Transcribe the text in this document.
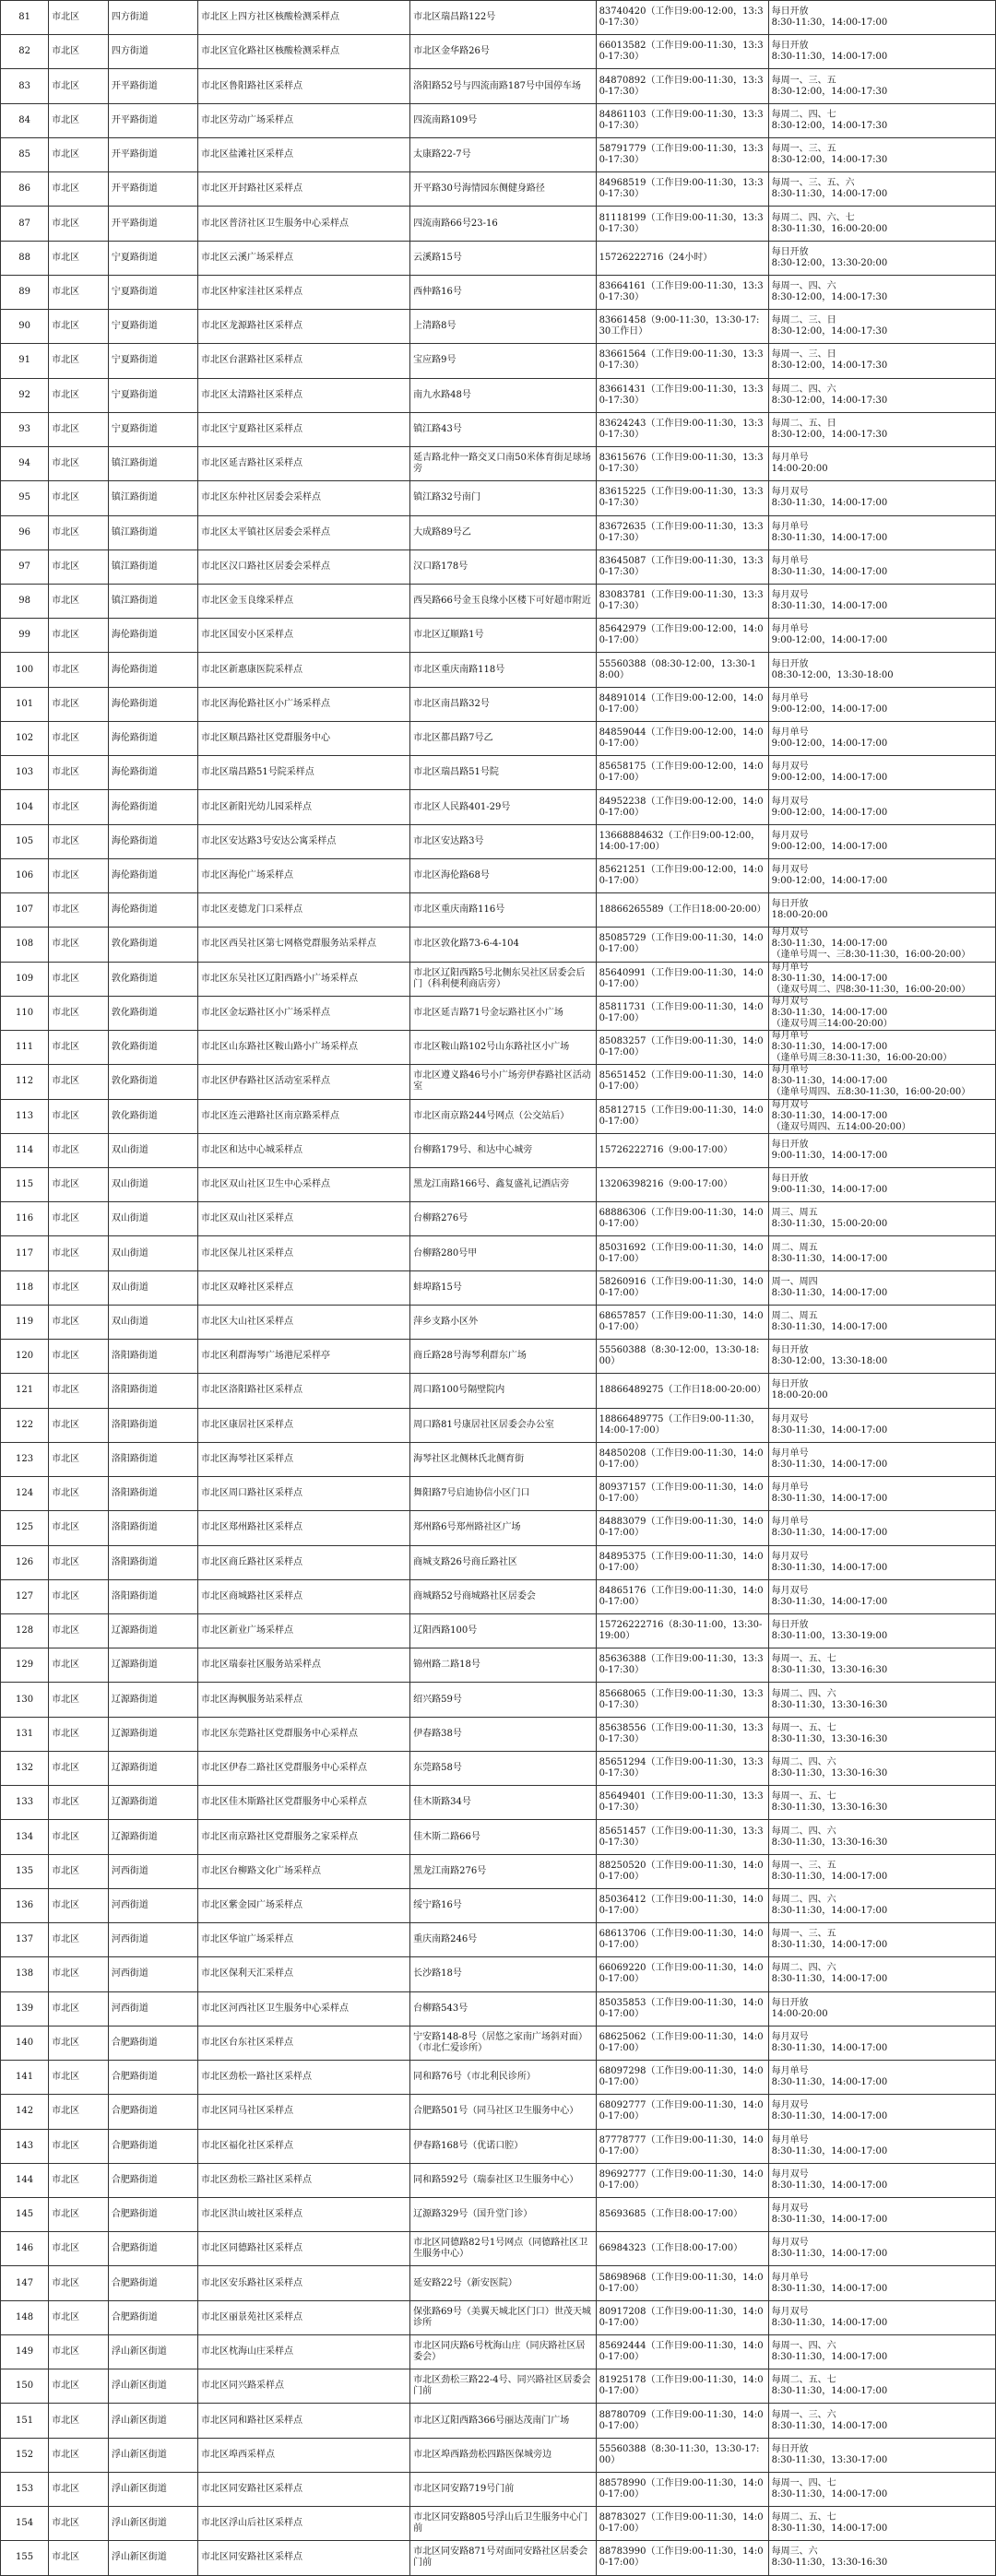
81	市北区	四方街道	市北区上四方社区核酸检测采样点	市北区瑞昌路122号	83740420（工作日9:00-12:00，13:30-17:30）	每日开放
8:30-11:30，14:00-17:00
82	市北区	四方街道	市北区宜化路社区核酸检测采样点	市北区金华路26号	66013582（工作日9:00-11:30，13:30-17:30）	每日开放
8:30-11:30，14:00-17:00
83	市北区	开平路街道	市北区鲁阳路社区采样点	洛阳路52号与四流南路187号中国停车场	84870892（工作日9:00-11:30，13:30-17:30）	每周一、三、五
8:30-12:00，14:00-17:30
84	市北区	开平路街道	市北区劳动广场采样点	四流南路109号	84861103（工作日9:00-11:30，13:30-17:30）	每周二、四、七
8:30-12:00，14:00-17:30
85	市北区	开平路街道	市北区盐滩社区采样点	太康路22-7号	58791779（工作日9:00-11:30，13:30-17:30）	每周一、三、五
8:30-12:00，14:00-17:30
86	市北区	开平路街道	市北区开封路社区采样点	开平路30号海情园东侧健身路径	84968519（工作日9:00-11:30，13:30-17:30）	每周一、三、五、六
8:30-11:30，14:00-17:00
87	市北区	开平路街道	市北区普济社区卫生服务中心采样点	四流南路66号23-16	81118199（工作日9:00-11:30，13:30-17:30）	每周二、四、六、七
8:30-11:30，16:00-20:00
88	市北区	宁夏路街道	市北区云溪广场采样点	云溪路15号	15726222716（24小时）	每日开放
8:30-12:00，13:30-20:00
89	市北区	宁夏路街道	市北区仲家洼社区采样点	西仲路16号	83664161（工作日9:00-11:30，13:30-17:30）	每周一、四、六
8:30-12:00，14:00-17:30
90	市北区	宁夏路街道	市北区龙源路社区采样点	上清路8号	83661458（9:00-11:30，13:30-17:30工作日）	每周二、三、日
8:30-12:00，14:00-17:30
91	市北区	宁夏路街道	市北区台湛路社区采样点	宝应路9号	83661564（工作日9:00-11:30，13:30-17:30）	每周一、三、日
8:30-12:00，14:00-17:30
92	市北区	宁夏路街道	市北区太清路社区采样点	南九水路48号	83661431（工作日9:00-11:30，13:30-17:30）	每周二、四、六
8:30-12:00，14:00-17:30
93	市北区	宁夏路街道	市北区宁夏路社区采样点	镇江路43号	83624243（工作日9:00-11:30，13:30-17:30）	每周二、五、日
8:30-12:00，14:00-17:30
94	市北区	镇江路街道	市北区延吉路社区采样点	延吉路北仲一路交叉口南50米体育街足球场旁	83615676（工作日9:00-11:30，13:30-17:30）	每月单号
14:00-20:00
95	市北区	镇江路街道	市北区东仲社区居委会采样点	镇江路32号南门	83615225（工作日9:00-11:30，13:30-17:30）	每月双号
8:30-11:30，14:00-17:00
96	市北区	镇江路街道	市北区太平镇社区居委会采样点	大成路89号乙	83672635（工作日9:00-11:30，13:30-17:30）	每月单号
8:30-11:30，14:00-17:00
97	市北区	镇江路街道	市北区汉口路社区居委会采样点	汉口路178号	83645087（工作日9:00-11:30，13:30-17:30）	每月单号
8:30-11:30，14:00-17:00
98	市北区	镇江路街道	市北区金玉良缘采样点	西吴路66号金玉良缘小区楼下可好超市附近	83083781（工作日9:00-11:30，13:30-17:30）	每月双号
8:30-11:30，14:00-17:00
99	市北区	海伦路街道	市北区国安小区采样点	市北区辽顺路1号	85642979（工作日9:00-12:00，14:00-17:00）	每月单号
9:00-12:00，14:00-17:00
100	市北区	海伦路街道	市北区新惠康医院采样点	市北区重庆南路118号	55560388（08:30-12:00，13:30-18:00）	每日开放
08:30-12:00，13:30-18:00
101	市北区	海伦路街道	市北区海伦路社区小广场采样点	市北区南昌路32号	84891014（工作日9:00-12:00，14:00-17:00）	每月单号
9:00-12:00，14:00-17:00
102	市北区	海伦路街道	市北区顺昌路社区党群服务中心	市北区都昌路7号乙	84859044（工作日9:00-12:00，14:00-17:00）	每月单号
9:00-12:00，14:00-17:00
103	市北区	海伦路街道	市北区瑞昌路51号院采样点	市北区瑞昌路51号院	85658175（工作日9:00-12:00，14:00-17:00）	每月双号
9:00-12:00，14:00-17:00
104	市北区	海伦路街道	市北区新阳光幼儿园采样点	市北区人民路401-29号	84952238（工作日9:00-12:00，14:00-17:00）	每月双号
9:00-12:00，14:00-17:00
105	市北区	海伦路街道	市北区安达路3号安达公寓采样点	市北区安达路3号	13668884632（工作日9:00-12:00，14:00-17:00）	每月双号
9:00-12:00，14:00-17:00
106	市北区	海伦路街道	市北区海伦广场采样点	市北区海伦路68号	85621251（工作日9:00-12:00，14:00-17:00）	每月双号
9:00-12:00，14:00-17:00
107	市北区	海伦路街道	市北区麦德龙门口采样点	市北区重庆南路116号	18866265589（工作日18:00-20:00）	每日开放
18:00-20:00
108	市北区	敦化路街道	市北区西吴社区第七网格党群服务站采样点	市北区敦化路73-6-4-104	85085729（工作日9:00-11:30，14:00-17:00）	每月双号
8:30-11:30，14:00-17:00
（逢单号周一、三8:30-11:30，16:00-20:00）
109	市北区	敦化路街道	市北区东吴社区辽阳西路小广场采样点	市北区辽阳西路5号北侧东吴社区居委会后门（科利便利商店旁）	85640991（工作日9:00-11:30，14:00-17:00）	每月单号
8:30-11:30，14:00-17:00
（逢双号周二、四8:30-11:30，16:00-20:00）
110	市北区	敦化路街道	市北区金坛路社区小广场采样点	市北区延吉路71号金坛路社区小广场	85811731（工作日9:00-11:30，14:00-17:00）	每月双号
8:30-11:30，14:00-17:00
（逢双号周三14:00-20:00）
111	市北区	敦化路街道	市北区山东路社区鞍山路小广场采样点	市北区鞍山路102号山东路社区小广场	85083257（工作日9:00-11:30，14:00-17:00）	每月单号
8:30-11:30，14:00-17:00
（逢单号周三8:30-11:30，16:00-20:00）
112	市北区	敦化路街道	市北区伊春路社区活动室采样点	市北区遵义路46号小广场旁伊春路社区活动室	85651452（工作日9:00-11:30，14:00-17:00）	每月单号
8:30-11:30，14:00-17:00
（逢单号周四、五8:30-11:30，16:00-20:00）
113	市北区	敦化路街道	市北区连云港路社区南京路采样点	市北区南京路244号网点（公交站后）	85812715（工作日9:00-11:30，14:00-17:00）	每月双号
8:30-11:30，14:00-17:00
（逢双号周四、五14:00-20:00）
114	市北区	双山街道	市北区和达中心城采样点	台柳路179号、和达中心城旁	15726222716（9:00-17:00）	每日开放
9:00-11:30，14:00-17:00
115	市北区	双山街道	市北区双山社区卫生中心采样点	黑龙江南路166号、鑫复盛礼记酒店旁	13206398216（9:00-17:00）	每日开放
9:00-11:30，14:00-17:00
116	市北区	双山街道	市北区双山社区采样点	台柳路276号	68886306（工作日9:00-11:30，14:00-17:00）	周三、周五
8:30-11:30，15:00-20:00
117	市北区	双山街道	市北区保儿社区采样点	台柳路280号甲	85031692（工作日9:00-11:30，14:00-17:00）	周二、周五
8:30-11:30，14:00-17:00
118	市北区	双山街道	市北区双峰社区采样点	蚌埠路15号	58260916（工作日9:00-11:30，14:00-17:00）	周一、周四
8:30-11:30，14:00-17:00
119	市北区	双山街道	市北区大山社区采样点	萍乡支路小区外	68657857（工作日9:00-11:30，14:00-17:00）	周二、周五
8:30-11:30，14:00-17:00
120	市北区	洛阳路街道	市北区利群海琴广场港尼采样亭	商丘路28号海琴利群东广场	55560388（8:30-12:00，13:30-18:00）	每日开放
8:30-12:00，13:30-18:00
121	市北区	洛阳路街道	市北区洛阳路社区采样点	周口路100号隔壁院内	18866489275（工作日18:00-20:00）	每日开放
18:00-20:00
122	市北区	洛阳路街道	市北区康居社区采样点	周口路81号康居社区居委会办公室	18866489775（工作日9:00-11:30，14:00-17:00）	每月双号
8:30-11:30，14:00-17:00
123	市北区	洛阳路街道	市北区海琴社区采样点	海琴社区北侧林氏北侧育街	84850208（工作日9:00-11:30，14:00-17:00）	每月单号
8:30-11:30，14:00-17:00
124	市北区	洛阳路街道	市北区周口路社区采样点	舞阳路7号启迪协信小区门口	80937157（工作日9:00-11:30，14:00-17:00）	每月单号
8:30-11:30，14:00-17:00
125	市北区	洛阳路街道	市北区郑州路社区采样点	郑州路6号郑州路社区广场	84883079（工作日9:00-11:30，14:00-17:00）	每月单号
8:30-11:30，14:00-17:00
126	市北区	洛阳路街道	市北区商丘路社区采样点	商城支路26号商丘路社区	84895375（工作日9:00-11:30，14:00-17:00）	每月双号
8:30-11:30，14:00-17:00
127	市北区	洛阳路街道	市北区商城路社区采样点	商城路52号商城路社区居委会	84865176（工作日9:00-11:30，14:00-17:00）	每月双号
8:30-11:30，14:00-17:00
128	市北区	辽源路街道	市北区新业广场采样点	辽阳西路100号	15726222716（8:30-11:00，13:30-19:00）	每日开放
8:30-11:00，13:30-19:00
129	市北区	辽源路街道	市北区瑞泰社区服务站采样点	锦州路二路18号	85636388（工作日9:00-11:30，13:30-17:30）	每周一、五、七
8:30-11:30，13:30-16:30
130	市北区	辽源路街道	市北区海枫服务站采样点	绍兴路59号	85668065（工作日9:00-11:30，13:30-17:30）	每周二、四、六
8:30-11:30，13:30-16:30
131	市北区	辽源路街道	市北区东莞路社区党群服务中心采样点	伊春路38号	85638556（工作日9:00-11:30，13:30-17:30）	每周一、五、七
8:30-11:30，13:30-16:30
132	市北区	辽源路街道	市北区伊春二路社区党群服务中心采样点	东莞路58号	85651294（工作日9:00-11:30，13:30-17:30）	每周二、四、六
8:30-11:30，13:30-16:30
133	市北区	辽源路街道	市北区佳木斯路社区党群服务中心采样点	佳木斯路34号	85649401（工作日9:00-11:30，13:30-17:30）	每周一、五、七
8:30-11:30，13:30-16:30
134	市北区	辽源路街道	市北区南京路社区党群服务之家采样点	佳木斯二路66号	85651457（工作日9:00-11:30，13:30-17:30）	每周二、四、六
8:30-11:30，13:30-16:30
135	市北区	河西街道	市北区台柳路文化广场采样点	黑龙江南路276号	88250520（工作日9:00-11:30，14:00-17:00）	每周一、三、五
8:30-11:30，14:00-17:00
136	市北区	河西街道	市北区紫金园广场采样点	绥宁路16号	85036412（工作日9:00-11:30，14:00-17:00）	每周二、四、六
8:30-11:30，14:00-17:00
137	市北区	河西街道	市北区华谊广场采样点	重庆南路246号	68613706（工作日9:00-11:30，14:00-17:00）	每周一、三、五
8:30-11:30，14:00-17:00
138	市北区	河西街道	市北区保利天汇采样点	长沙路18号	66069220（工作日9:00-11:30，14:00-17:00）	每周二、四、六
8:30-11:30，14:00-17:00
139	市北区	河西街道	市北区河西社区卫生服务中心采样点	台柳路543号	85035853（工作日9:00-11:30，14:00-17:00）	每日开放
14:00-20:00
140	市北区	合肥路街道	市北区台东社区采样点	宁安路148-8号（居悠之家南广场斜对面）（市北仁爱诊所）	68625062（工作日9:00-11:30，14:00-17:00）	每月双号
8:30-11:30，14:00-17:00
141	市北区	合肥路街道	市北区劲松一路社区采样点	同和路76号（市北利民诊所）	68097298（工作日9:00-11:30，14:00-17:00）	每月单号
8:30-11:30，14:00-17:00
142	市北区	合肥路街道	市北区同马社区采样点	合肥路501号（同马社区卫生服务中心）	68092777（工作日9:00-11:30，14:00-17:00）	每月双号
8:30-11:30，14:00-17:00
143	市北区	合肥路街道	市北区福化社区采样点	伊春路168号（优诺口腔）	87778777（工作日9:00-11:30，14:00-17:00）	每月单号
8:30-11:30，14:00-17:00
144	市北区	合肥路街道	市北区劲松三路社区采样点	同和路592号（瑞泰社区卫生服务中心）	89692777（工作日9:00-11:30，14:00-17:00）	每月双号
8:30-11:30，14:00-17:00
145	市北区	合肥路街道	市北区洪山坡社区采样点	辽源路329号（国升堂门诊）	85693685（工作日8:00-17:00）	每月双号
8:30-11:30，14:00-17:00
146	市北区	合肥路街道	市北区同德路社区采样点	市北区同德路82号1号网点（同德路社区卫生服务中心）	66984323（工作日8:00-17:00）	每月双号
8:30-11:30，14:00-17:00
147	市北区	合肥路街道	市北区安乐路社区采样点	延安路22号（新安医院）	58698968（工作日9:00-11:30，14:00-17:00）	每月单号
8:30-11:30，14:00-17:00
148	市北区	合肥路街道	市北区丽景苑社区采样点	保张路69号（美翼天城北区门口）世茂天城诊所	80917208（工作日9:00-11:30，14:00-17:00）	每月双号
8:30-11:30，14:00-17:00
149	市北区	浮山新区街道	市北区枕海山庄采样点	市北区同庆路6号枕海山庄（同庆路社区居委会）	85692444（工作日9:00-11:30，14:00-17:00）	每周一、四、六
8:30-11:30，14:00-17:00
150	市北区	浮山新区街道	市北区同兴路采样点	市北区劲松三路22-4号、同兴路社区居委会门前	81925178（工作日9:00-11:30，14:00-17:00）	每周二、五、七
8:30-11:30，14:00-17:00
151	市北区	浮山新区街道	市北区同和路社区采样点	市北区辽阳西路366号丽达茂南门广场	88780709（工作日9:00-11:30，14:00-17:00）	每周一、三、六
8:30-11:30，14:00-17:00
152	市北区	浮山新区街道	市北区埠西采样点	市北区埠西路劲松四路医保城旁边	55560388（8:30-11:30，13:30-17:00）	每日开放
8:30-11:30，13:30-17:00
153	市北区	浮山新区街道	市北区同安路社区采样点	市北区同安路719号门前	88578990（工作日9:00-11:30，14:00-17:00）	每周一、四、七
8:30-11:30，14:00-17:00
154	市北区	浮山新区街道	市北区浮山后社区采样点	市北区同安路805号浮山后卫生服务中心门前	88783027（工作日9:00-11:30，14:00-17:00）	每周二、五、七
8:30-11:30，14:00-17:00
155	市北区	浮山新区街道	市北区同安路社区采样点	市北区同安路871号对面同安路社区居委会门前	88783990（工作日9:00-11:30，14:00-17:00）	每周三、六
8:30-11:30，13:30-16:30
